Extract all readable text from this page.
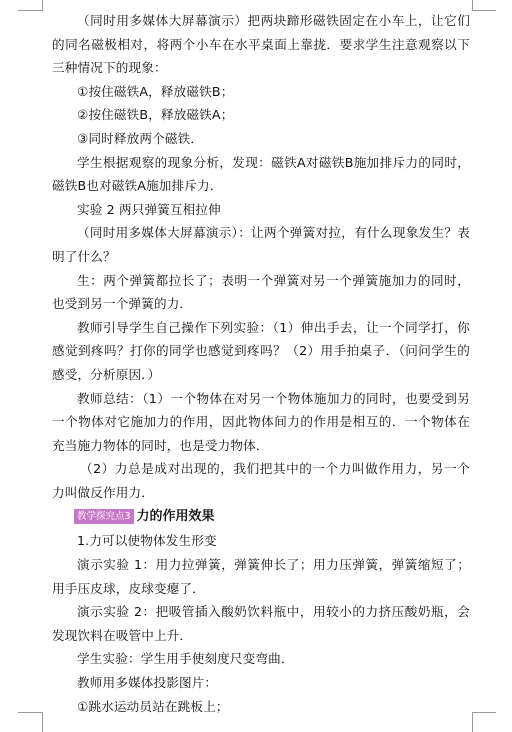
（同时用多媒体大屏幕演示）把两块蹄形磁铁固定在小车上，让它们的同名磁极相对，将两个小车在水平桌面上靠拢．要求学生注意观察以下三种情况下的现象：

①按住磁铁A，释放磁铁B；

②按住磁铁B，释放磁铁A；

③同时释放两个磁铁．

学生根据观察的现象分析，发现：磁铁A对磁铁B施加排斥力的同时，磁铁B也对磁铁A施加排斥力．

实验 2 两只弹簧互相拉伸

（同时用多媒体大屏幕演示）：让两个弹簧对拉，有什么现象发生？表明了什么？

生：两个弹簧都拉长了；表明一个弹簧对另一个弹簧施加力的同时，也受到另一个弹簧的力．

教师引导学生自己操作下列实验：（1）伸出手去，让一个同学打，你感觉到疼吗？打你的同学也感觉到疼吗？（2）用手拍桌子．（问问学生的感受，分析原因．）

教师总结：（1）一个物体在对另一个物体施加力的同时，也要受到另一个物体对它施加力的作用，因此物体间力的作用是相互的．一个物体在充当施力物体的同时，也是受力物体．

（2）力总是成对出现的，我们把其中的一个力叫做作用力，另一个力叫做反作用力．

教学探究点3 力的作用效果

1.力可以使物体发生形变

演示实验 1：用力拉弹簧，弹簧伸长了；用力压弹簧，弹簧缩短了；用手压皮球，皮球变瘪了．

演示实验 2：把吸管插入酸奶饮料瓶中，用较小的力挤压酸奶瓶，会发现饮料在吸管中上升．

学生实验：学生用手使刻度尺变弯曲．

教师用多媒体投影图片：

①跳水运动员站在跳板上；
